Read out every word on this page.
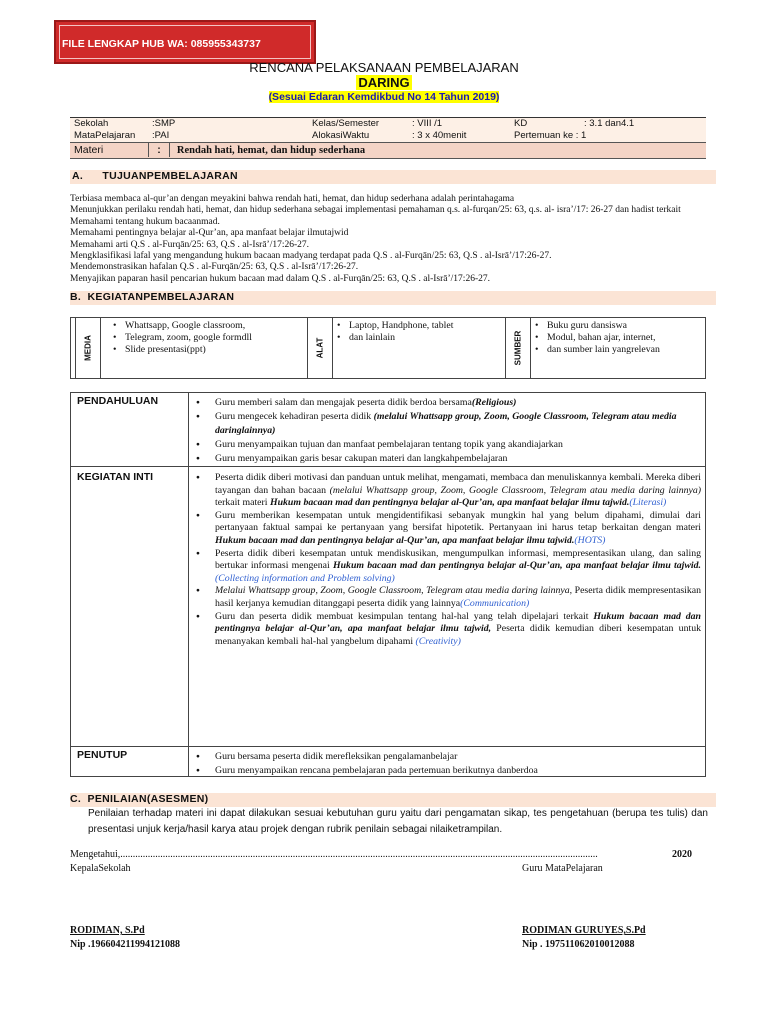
FILE LENGKAP HUB WA: 085955343737
RENCANA PELAKSANAAN PEMBELAJARAN
DARING
(Sesuai Edaran Kemdikbud No 14 Tahun 2019)
Sekolah	:SMP	Kelas/Semester	: VIII /1	KD	: 3.1 dan4.1
MataPelajaran	:PAI	AlokasiWaktu	: 3 x 40menit	Pertemuan ke : 1	
Materi	: Rendah hati, hemat, dan hidup sederhana				
A.      TUJUANPEMBELAJARAN
Terbiasa membaca al-qur’an dengan meyakini bahwa rendah hati, hemat, dan hidup sederhana adalah perintahagama
Menunjukkan perilaku rendah hati, hemat, dan hidup sederhana sebagai implementasi pemahaman q.s. al-furqan/25: 63, q.s. al- isra’/17: 26-27 dan hadist terkait
Memahami tentang hukum bacaanmad.
Memahami pentingnya belajar al-Qur’an, apa manfaat belajar ilmutajwid
Memahami arti Q.S . al-Furqān/25: 63, Q.S . al-Isrā’/17:26-27.
Mengklasifikasi lafal yang mengandung hukum bacaan madyang terdapat pada Q.S . al-Furqān/25: 63, Q.S . al-Isrā’/17:26-27.
Mendemonstrasikan hafalan Q.S . al-Furqān/25: 63, Q.S . al-Isrā’/17:26-27.
Menyajikan paparan hasil pencarian hukum bacaan mad dalam Q.S . al-Furqān/25: 63, Q.S . al-Isrā’/17:26-27.
B.  KEGIATANPEMBELAJARAN
MEDIA
• Whattsapp, Google classroom,
• Telegram, zoom, google formdll
• Slide presentasi(ppt)	ALAT
• Laptop, Handphone, tablet
• dan lainlain	SUMBER
• Buku guru dansiswa
• Modul, bahan ajar, internet,
• dan sumber lain yangrelevan
PENDAHULUAN	● Guru memberi salam dan mengajak peserta didik berdoa bersama(Religious)
● Guru mengecek kehadiran peserta didik (melalui Whattsapp group, Zoom, Google Classroom, Telegram atau media daringlainnya)
● Guru menyampaikan tujuan dan manfaat pembelajaran tentang topik yang akandiajarkan
● Guru menyampaikan garis besar cakupan materi dan langkahpembelajaran
KEGIATAN INTI	● Peserta didik diberi motivasi dan panduan untuk melihat, mengamati, membaca dan menuliskannya kembali. Mereka diberi tayangan dan bahan bacaan (melalui Whattsapp group, Zoom, Google Classroom, Telegram atau media daring lainnya) terkait materi Hukum bacaan mad dan pentingnya belajar al-Qur’an, apa manfaat belajar ilmu tajwid.(Literasi)
● Guru memberikan kesempatan untuk mengidentifikasi sebanyak mungkin hal yang belum dipahami, dimulai dari pertanyaan faktual sampai ke pertanyaan yang bersifat hipotetik. Pertanyaan ini harus tetap berkaitan dengan materi Hukum bacaan mad dan pentingnya belajar al-Qur’an, apa manfaat belajar ilmu tajwid.(HOTS)
● Peserta didik diberi kesempatan untuk mendiskusikan, mengumpulkan informasi, mempresentasikan ulang, dan saling bertukar informasi mengenai Hukum bacaan mad dan pentingnya belajar al-Qur’an, apa manfaat belajar ilmu tajwid.(Collecting information and Problem solving)
● Melalui Whattsapp group, Zoom, Google Classroom, Telegram atau media daring lainnya, Peserta didik mempresentasikan hasil kerjanya kemudian ditanggapi peserta didik yang lainnya(Communication)
● Guru dan peserta didik membuat kesimpulan tentang hal-hal yang telah dipelajari terkait Hukum bacaan mad dan pentingnya belajar al-Qur’an, apa manfaat belajar ilmu tajwid, Peserta didik kemudian diberi kesempatan untuk menanyakan kembali hal-hal yangbelum dipahami (Creativity)
PENUTUP	● Guru bersama peserta didik merefleksikan pengalamanbelajar
● Guru menyampaikan rencana pembelajaran pada pertemuan berikutnya danberdoa
C.  PENILAIAN(ASESMEN)
Penilaian terhadap materi ini dapat dilakukan sesuai kebutuhan guru yaitu dari pengamatan sikap, tes pengetahuan (berupa tes tulis) dan presentasi unjuk kerja/hasil karya atau projek dengan rubrik penilain sebagai nilaiketrampilan.
Mengetahui,...............................................................................................................................................................................................	2020
KepalaSekolah	Guru MataPelajaran
RODIMAN, S.Pd
Nip .196604211994121088
RODIMAN GURUYES,S.Pd
Nip . 197511062010012088
